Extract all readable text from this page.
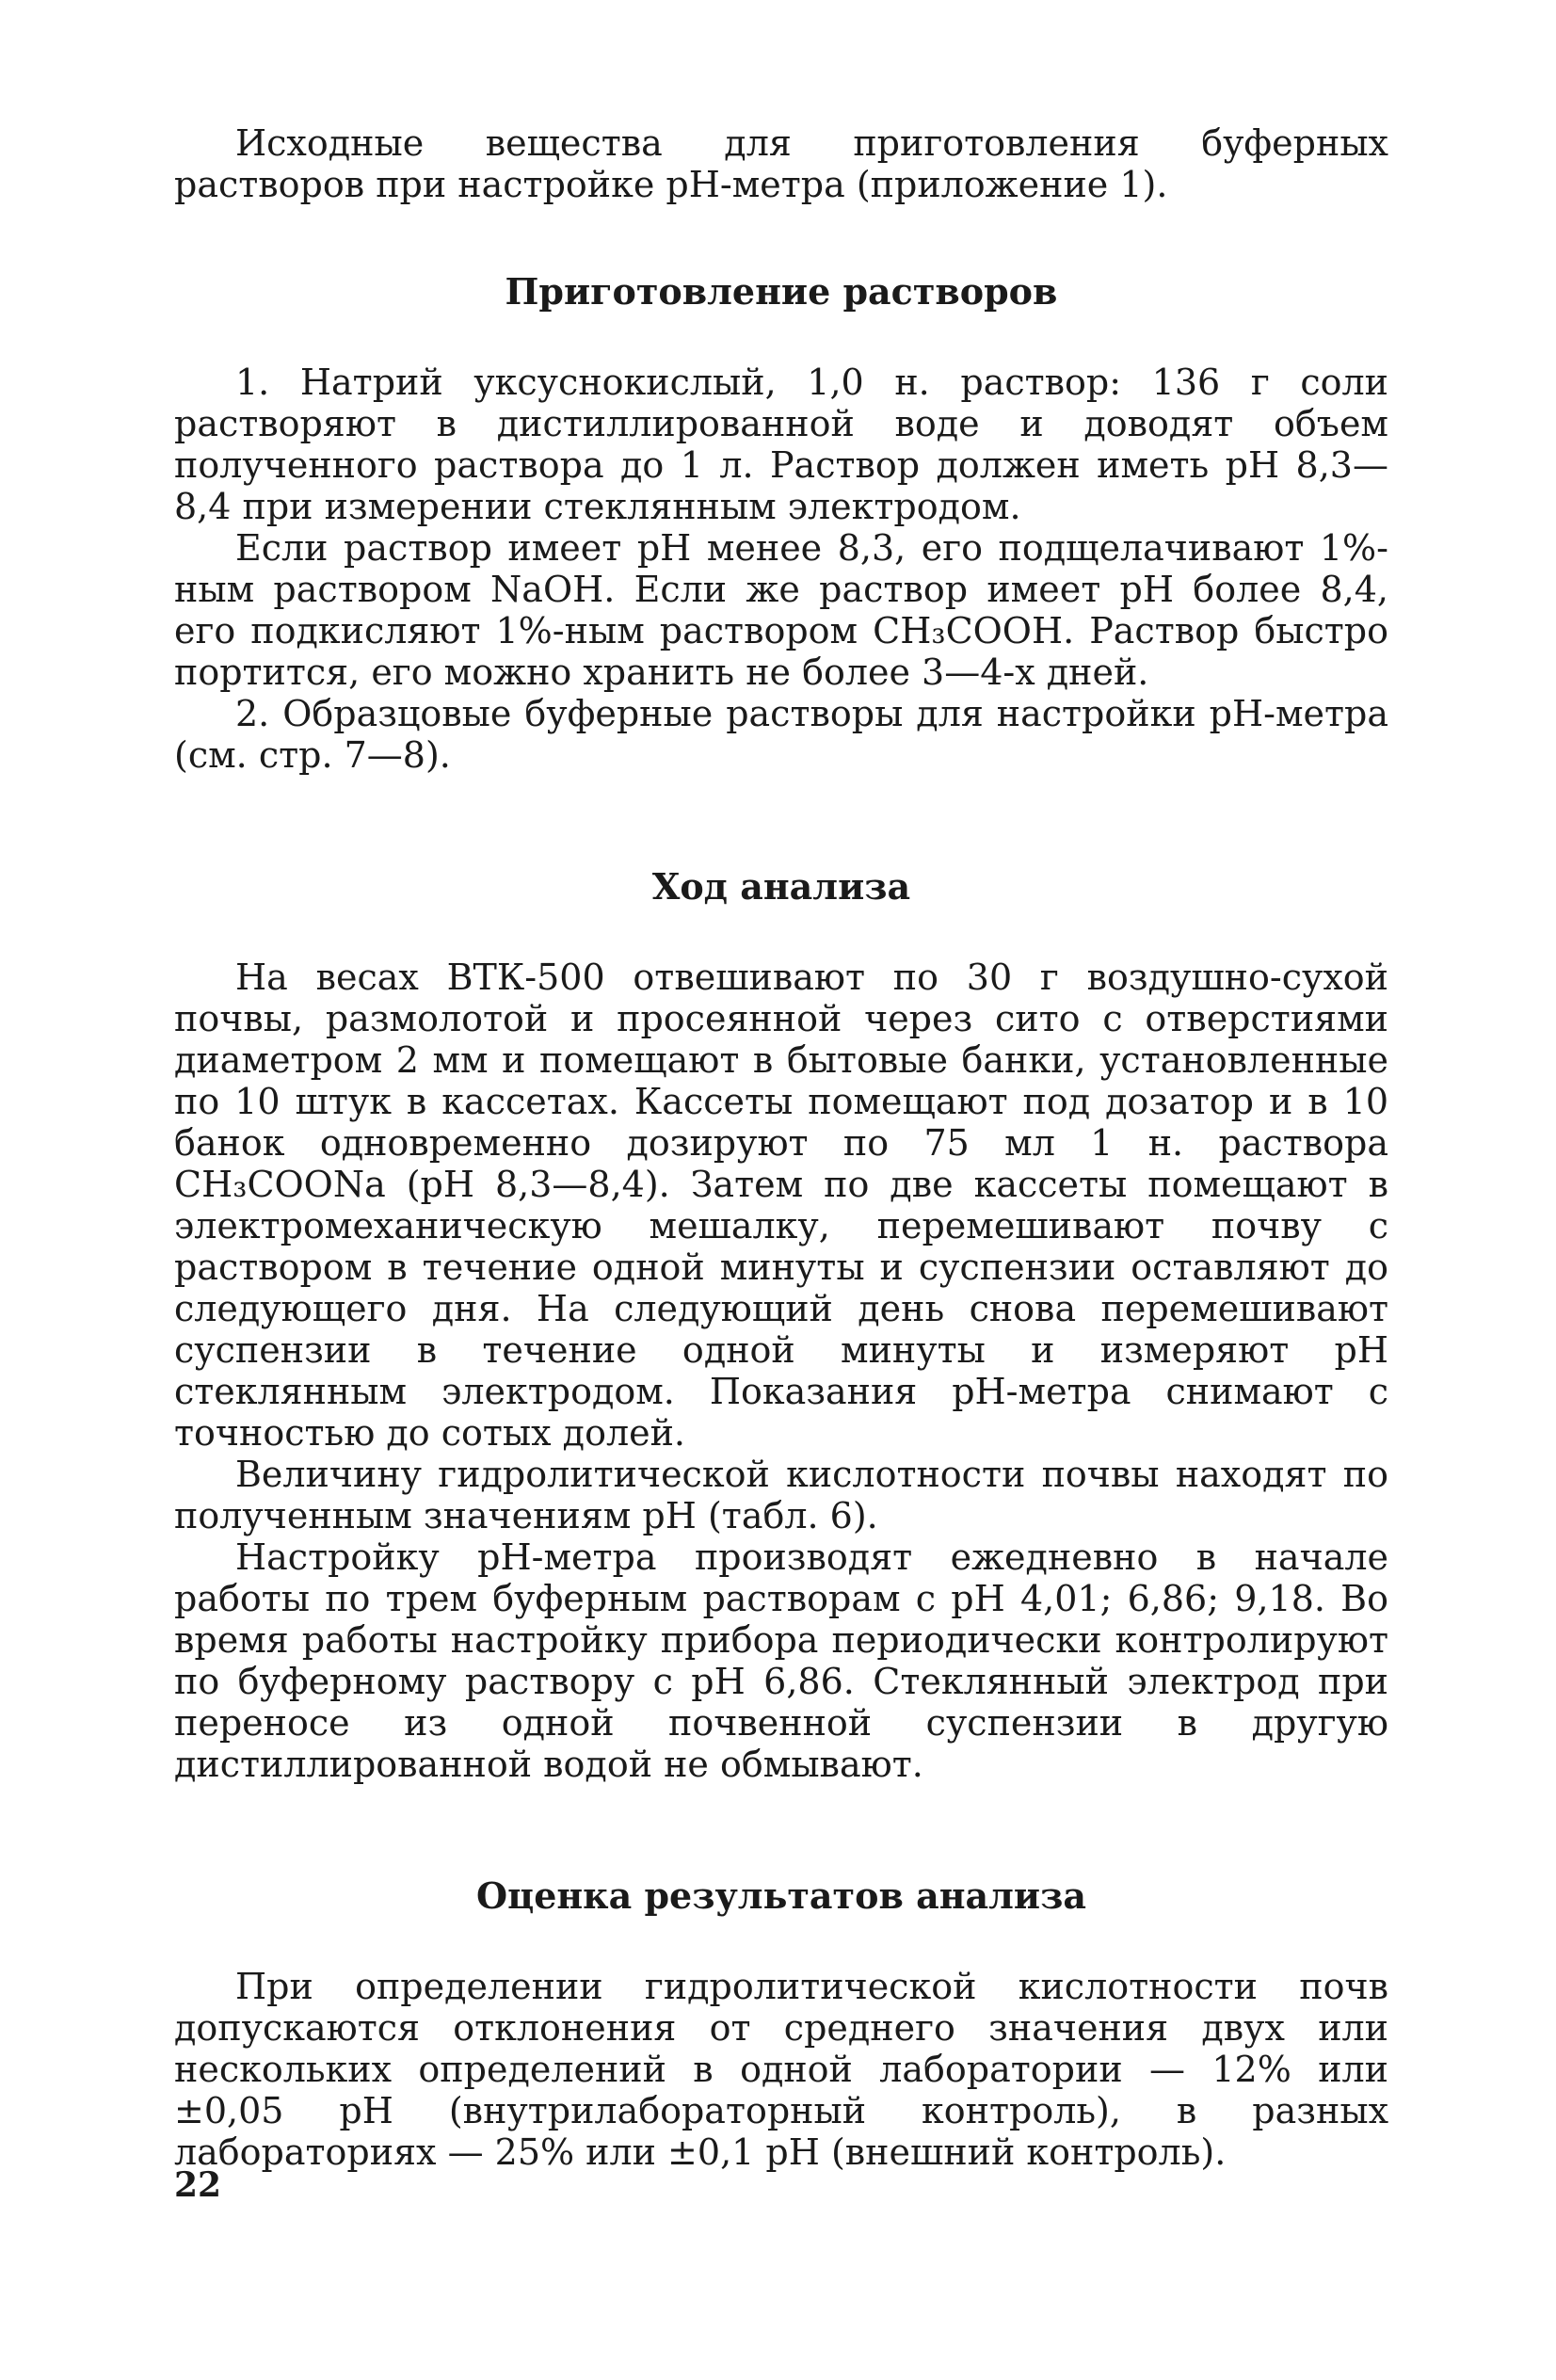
Исходные вещества для приготовления буферных растворов при настройке рН-метра (приложение 1).

Приготовление растворов

1. Натрий уксуснокислый, 1,0 н. раствор: 136 г соли растворяют в дистиллированной воде и доводят объем полученного раствора до 1 л. Раствор должен иметь рН 8,3—8,4 при измерении стеклянным электродом.

Если раствор имеет рН менее 8,3, его подщелачивают 1%-ным раствором NaOH. Если же раствор имеет рН более 8,4, его подкисляют 1%-ным раствором CH₃COOH. Раствор быстро портится, его можно хранить не более 3—4-х дней.

2. Образцовые буферные растворы для настройки рН-метра (см. стр. 7—8).

Ход анализа

На весах ВТК-500 отвешивают по 30 г воздушно-сухой почвы, размолотой и просеянной через сито с отверстиями диаметром 2 мм и помещают в бытовые банки, установленные по 10 штук в кассетах. Кассеты помещают под дозатор и в 10 банок одновременно дозируют по 75 мл 1 н. раствора CH₃COONa (рН 8,3—8,4). Затем по две кассеты помещают в электромеханическую мешалку, перемешивают почву с раствором в течение одной минуты и суспензии оставляют до следующего дня. На следующий день снова перемешивают суспензии в течение одной минуты и измеряют рН стеклянным электродом. Показания рН-метра снимают с точностью до сотых долей.

Величину гидролитической кислотности почвы находят по полученным значениям рН (табл. 6).

Настройку рН-метра производят ежедневно в начале работы по трем буферным растворам с рН 4,01; 6,86; 9,18. Во время работы настройку прибора периодически контролируют по буферному раствору с рН 6,86. Стеклянный электрод при переносе из одной почвенной суспензии в другую дистиллированной водой не обмывают.

Оценка результатов анализа

При определении гидролитической кислотности почв допускаются отклонения от среднего значения двух или нескольких определений в одной лаборатории — 12% или ±0,05 рН (внутрилабораторный контроль), в разных лабораториях — 25% или ±0,1 рН (внешний контроль).

22
